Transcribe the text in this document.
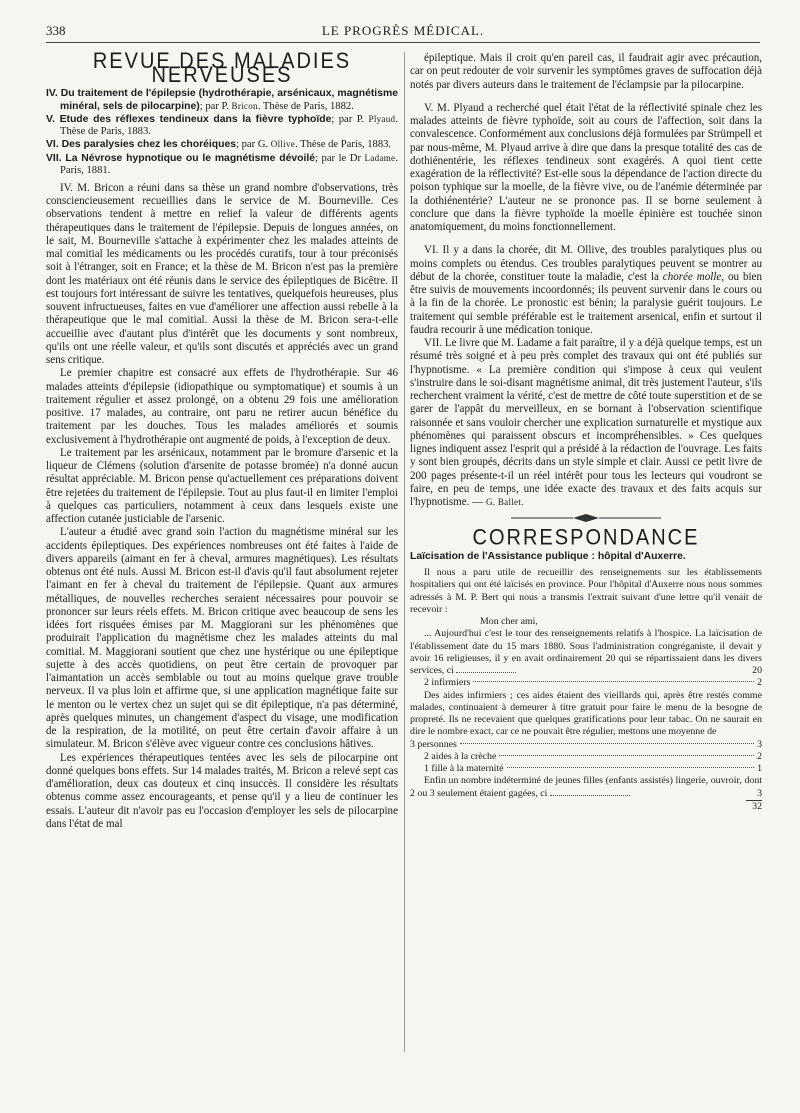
338	LE PROGRÈS MÉDICAL.
REVUE DES MALADIES NERVEUSES

IV. Du traitement de l'épilepsie (hydrothérapie, arsénicaux, magnétisme minéral, sels de pilocarpine); par P. Bricon. Thèse de Paris, 1882.

V. Etude des réflexes tendineux dans la fièvre typhoïde; par P. Plyaud. Thèse de Paris, 1883.

VI. Des paralysies chez les choréiques; par G. Ollive. Thèse de Paris, 1883.

VII. La Névrose hypnotique ou le magnétisme dévoilé; par le Dr Ladame. Paris, 1881.

IV. M. Bricon a réuni dans sa thèse un grand nombre d'observations, très consciencieusement recueillies dans le service de M. Bourneville. Ces observations tendent à mettre en relief la valeur de différents agents thérapeutiques dans le traitement de l'épilepsie. Depuis de longues années, on le sait, M. Bourneville s'attache à expérimenter chez les malades atteints de mal comitial les médicaments ou les procédés curatifs, tour à tour préconisés soit à l'étranger, soit en France; et la thèse de M. Bricon n'est pas la première dont les matériaux ont été réunis dans le service des épileptiques de Bicêtre. Il est toujours fort intéressant de suivre les tentatives, quelquefois heureuses, plus souvent infructueuses, faites en vue d'améliorer une affection aussi rebelle à la thérapeutique que le mal comitial. Aussi la thèse de M. Bricon sera-t-elle accueillie avec d'autant plus d'intérêt que les documents y sont nombreux, qu'ils ont une réelle valeur, et qu'ils sont discutés et appréciés avec un grand sens critique.

Le premier chapitre est consacré aux effets de l'hydrothérapie. Sur 46 malades atteints d'épilepsie (idiopathique ou symptomatique) et soumis à un traitement régulier et assez prolongé, on a obtenu 29 fois une amélioration positive. 17 malades, au contraire, ont paru ne retirer aucun bénéfice du traitement par les douches. Tous les malades améliorés et soumis exclusivement à l'hydrothérapie ont augmenté de poids, à l'exception de deux.

Le traitement par les arsénicaux, notamment par le bromure d'arsenic et la liqueur de Clémens (solution d'arsenite de potasse bromée) n'a donné aucun résultat appréciable. M. Bricon pense qu'actuellement ces préparations doivent être rejetées du traitement de l'épilepsie. Tout au plus faut-il en limiter l'emploi à quelques cas particuliers, notamment à ceux dans lesquels existe une affection cutanée justiciable de l'arsenic.

L'auteur a étudié avec grand soin l'action du magnétisme minéral sur les accidents épileptiques. Des expériences nombreuses ont été faites à l'aide de divers appareils (aimant en fer à cheval, armures magnétiques). Les résultats obtenus ont été nuls. Aussi M. Bricon est-il d'avis qu'il faut absolument rejeter l'aimant en fer à cheval du traitement de l'épilepsie. Quant aux armures métalliques, de nouvelles recherches seraient nécessaires pour pouvoir se prononcer sur leurs réels effets. M. Bricon critique avec beaucoup de sens les idées fort risquées émises par M. Maggiorani sur les phénomènes que produirait l'application du magnétisme chez les malades atteints du mal comitial. M. Maggiorani soutient que chez une hystérique ou une épileptique sujette à des accès quotidiens, on peut être certain de provoquer par l'aimantation un accès semblable ou tout au moins quelque grave trouble nerveux. Il va plus loin et affirme que, si une application magnétique faite sur le menton ou le vertex chez un sujet qui se dit épileptique, n'a pas déterminé, après quelques minutes, un changement d'aspect du visage, une modification de la respiration, de la motilité, on peut être certain d'avoir affaire à un simulateur. M. Bricon s'élève avec vigueur contre ces conclusions hâtives.

Les expériences thérapeutiques tentées avec les sels de pilocarpine ont donné quelques bons effets. Sur 14 malades traités, M. Bricon a relevé sept cas d'amélioration, deux cas douteux et cinq insuccès. Il considère les résultats obtenus comme assez encourageants, et pense qu'il y a lieu de continuer les essais. L'auteur dit n'avoir pas eu l'occasion d'employer les sels de pilocarpine dans l'état de mal

épileptique. Mais il croit qu'en pareil cas, il faudrait agir avec précaution, car on peut redouter de voir survenir les symptômes graves de suffocation déjà notés par divers auteurs dans le traitement de l'éclampsie par la pilocarpine.

V. M. Plyaud a recherché quel était l'état de la réflectivité spinale chez les malades atteints de fièvre typhoïde, soit au cours de l'affection, soit dans la convalescence. Conformément aux conclusions déjà formulées par Strümpell et par nous-même, M. Plyaud arrive à dire que dans la presque totalité des cas de dothiénentérie, les réflexes tendineux sont exagérés. A quoi tient cette exagération de la réflectivité? Est-elle sous la dépendance de l'action directe du poison typhique sur la moelle, de la fièvre vive, ou de l'anémie déterminée par la dothiénentérie? L'auteur ne se prononce pas. Il se borne seulement à conclure que dans la fièvre typhoïde la moelle épinière est touchée sinon anatomiquement, du moins fonctionnellement.

VI. Il y a dans la chorée, dit M. Ollive, des troubles paralytiques plus ou moins complets ou étendus. Ces troubles paralytiques peuvent se montrer au début de la chorée, constituer toute la maladie, c'est la chorée molle, ou bien être suivis de mouvements incoordonnés; ils peuvent survenir dans le cours ou à la fin de la chorée. Le pronostic est bénin; la paralysie guérit toujours. Le traitement qui semble préférable est le traitement arsenical, enfin et surtout il faudra recourir à une médication tonique.

VII. Le livre que M. Ladame a fait paraître, il y a déjà quelque temps, est un résumé très soigné et à peu près complet des travaux qui ont été publiés sur l'hypnotisme. « La première condition qui s'impose à ceux qui veulent s'instruire dans le soi-disant magnétisme animal, dit très justement l'auteur, s'ils recherchent vraiment la vérité, c'est de mettre de côté toute superstition et de se garer de l'appât du merveilleux, en se bornant à l'observation scientifique raisonnée et sans vouloir chercher une explication surnaturelle et mystique aux phénomènes qui paraissent obscurs et incompréhensibles. » Ces quelques lignes indiquent assez l'esprit qui a présidé à la rédaction de l'ouvrage. Les faits y sont bien groupés, décrits dans un style simple et clair. Aussi ce petit livre de 200 pages présente-t-il un réel intérêt pour tous les lecteurs qui voudront se faire, en peu de temps, une idée exacte des travaux et des faits acquis sur l'hypnotisme. — G. Ballet.

CORRESPONDANCE

Laïcisation de l'Assistance publique : hôpital d'Auxerre.

Il nous a paru utile de recueillir des renseignements sur les établissements hospitaliers qui ont été laïcisés en province. Pour l'hôpital d'Auxerre nous nous sommes adressés à M. P. Bert qui nous a transmis l'extrait suivant d'une lettre qu'il venait de recevoir :

Mon cher ami,

... Aujourd'hui c'est le tour des renseignements relatifs à l'hospice. La laïcisation de l'établissement date du 15 mars 1880. Sous l'administration congréganiste, il devait y avoir 16 religieuses, il y en avait ordinairement 20 qui se répartissaient dans les divers services, ci	20

2 infirmiers	2

Des aides infirmiers ; ces aides étaient des vieillards qui, après être restés comme malades, continuaient à demeurer à titre gratuit pour faire le menu de la besogne de propreté. Ils ne recevaient que quelques gratifications pour leur tabac. On ne saurait en dire le nombre exact, car ce ne pouvait être régulier, mettons une moyenne de

3 personnes	3

2 aides à la crèche	2

1 fille à la maternité	1

Enfin un nombre indéterminé de jeunes filles (enfants assistés) lingerie, ouvroir, dont 2 ou 3 seulement étaient gagées, ci	3

32
